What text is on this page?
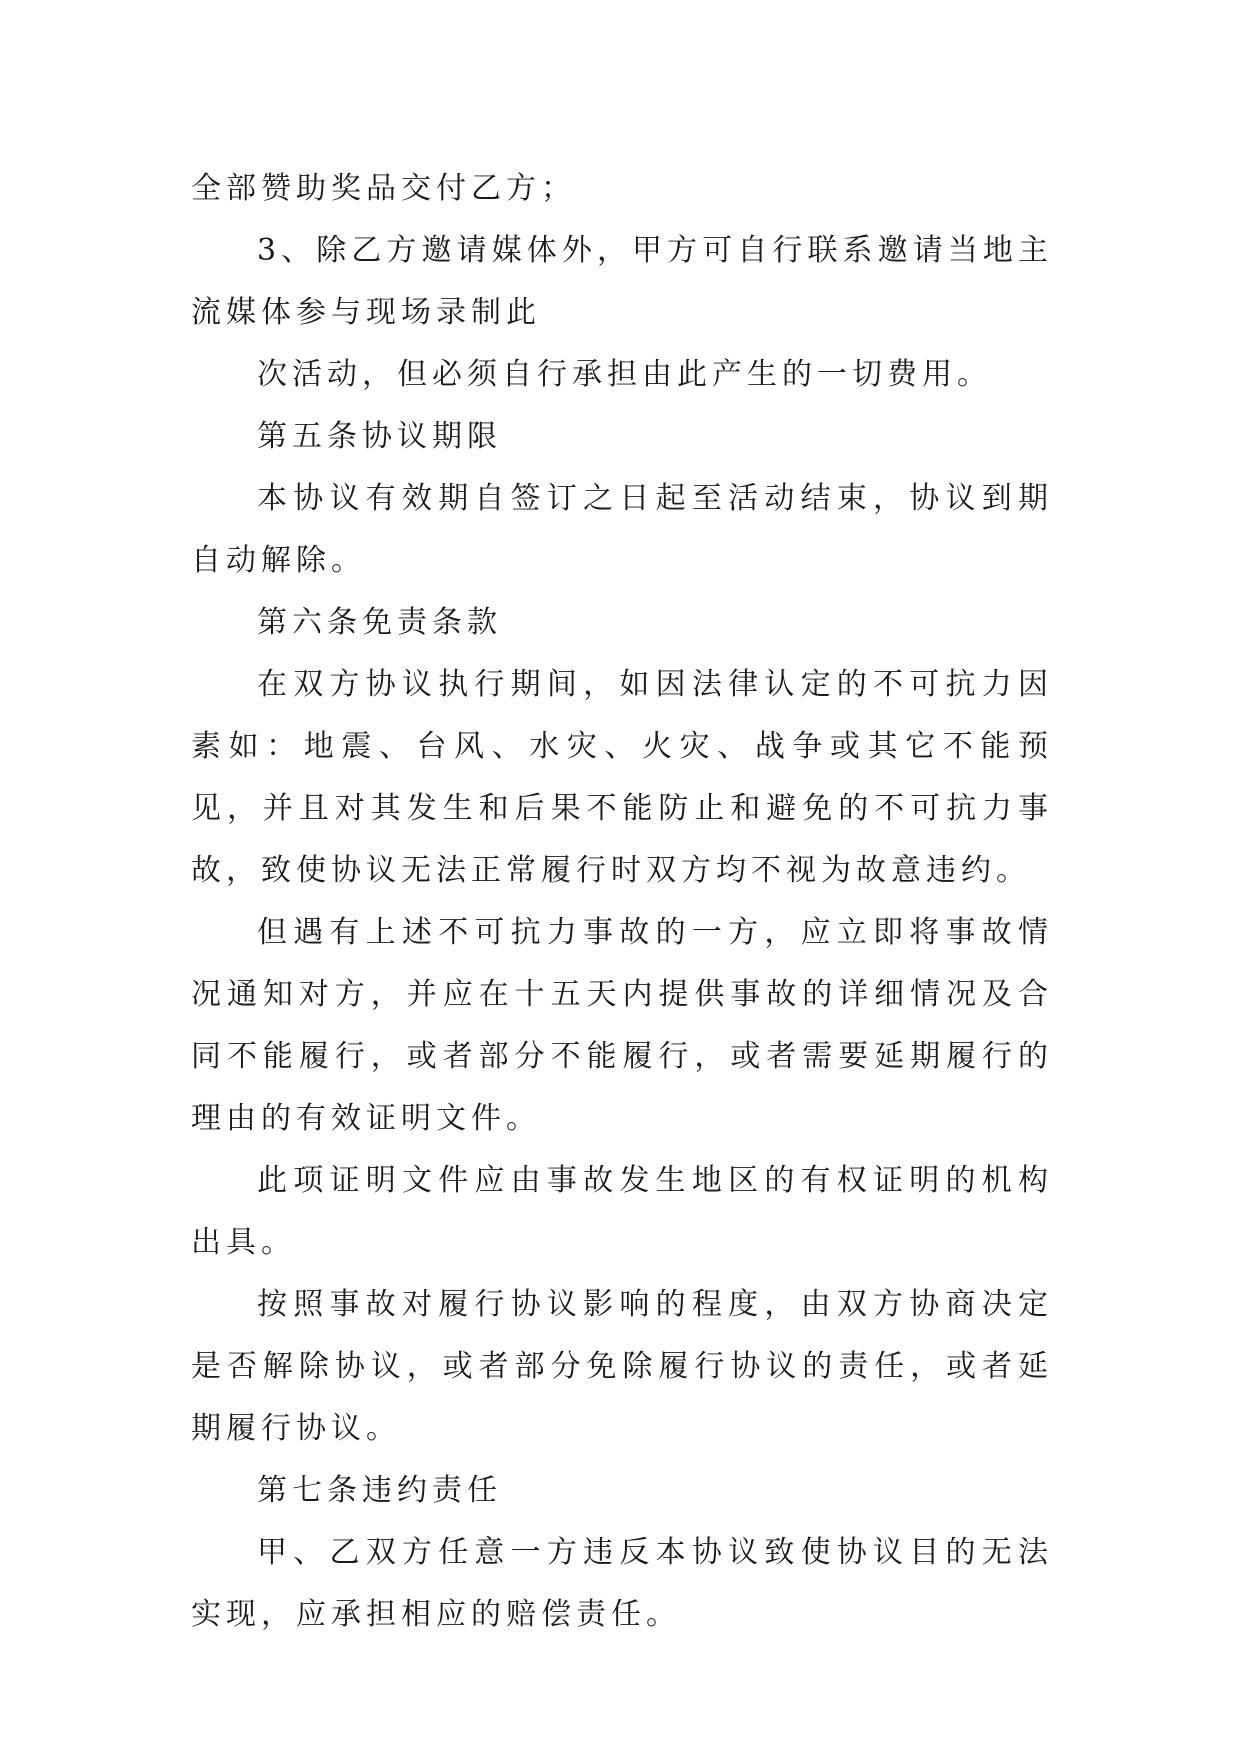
全部赞助奖品交付乙方；

3、除乙方邀请媒体外，甲方可自行联系邀请当地主流媒体参与现场录制此

次活动，但必须自行承担由此产生的一切费用。

第五条协议期限

本协议有效期自签订之日起至活动结束，协议到期自动解除。

第六条免责条款

在双方协议执行期间，如因法律认定的不可抗力因素如：地震、台风、水灾、火灾、战争或其它不能预见，并且对其发生和后果不能防止和避免的不可抗力事故，致使协议无法正常履行时双方均不视为故意违约。

但遇有上述不可抗力事故的一方，应立即将事故情况通知对方，并应在十五天内提供事故的详细情况及合同不能履行，或者部分不能履行，或者需要延期履行的理由的有效证明文件。

此项证明文件应由事故发生地区的有权证明的机构出具。

按照事故对履行协议影响的程度，由双方协商决定是否解除协议，或者部分免除履行协议的责任，或者延期履行协议。

第七条违约责任

甲、乙双方任意一方违反本协议致使协议目的无法实现，应承担相应的赔偿责任。
